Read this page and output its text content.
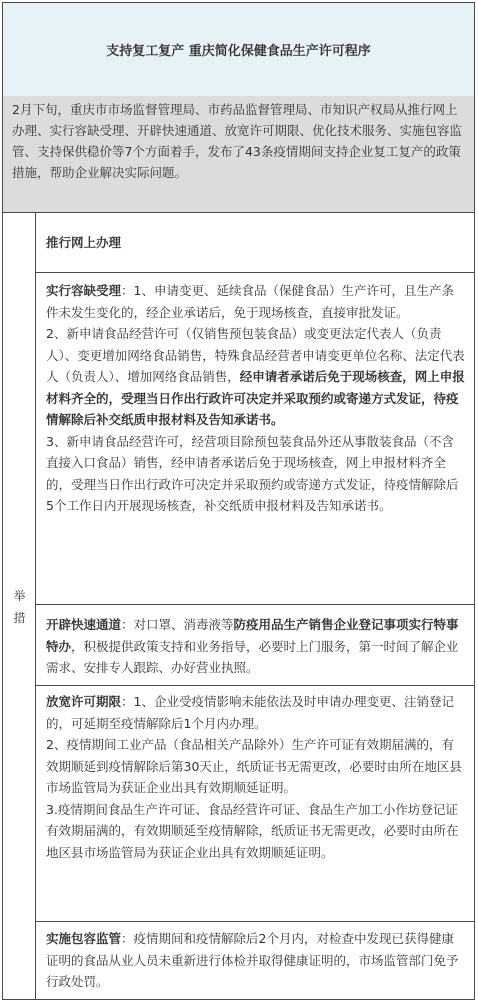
支持复工复产 重庆简化保健食品生产许可程序
2月下旬，重庆市市场监督管理局、市药品监督管理局、市知识产权局从推行网上办理、实行容缺受理、开辟快速通道、放宽许可期限、优化技术服务、实施包容监管、支持保供稳价等7个方面着手，发布了43条疫情期间支持企业复工复产的政策措施，帮助企业解决实际问题。
举
措
推行网上办理

实行容缺受理：1、申请变更、延续食品（保健食品）生产许可，且生产条件未发生变化的，经企业承诺后，免于现场核查，直接审批发证。

2、新申请食品经营许可（仅销售预包装食品）或变更法定代表人（负责人）、变更增加网络食品销售，特殊食品经营者申请变更单位名称、法定代表人（负责人）、增加网络食品销售，经申请者承诺后免于现场核查，网上申报材料齐全的，受理当日作出行政许可决定并采取预约或寄递方式发证，待疫情解除后补交纸质申报材料及告知承诺书。

3、新申请食品经营许可，经营项目除预包装食品外还从事散装食品（不含直接入口食品）销售，经申请者承诺后免于现场核查，网上申报材料齐全的，受理当日作出行政许可决定并采取预约或寄递方式发证，待疫情解除后5个工作日内开展现场核查，补交纸质申报材料及告知承诺书。

开辟快速通道：对口罩、消毒液等防疫用品生产销售企业登记事项实行特事特办，积极提供政策支持和业务指导，必要时上门服务，第一时间了解企业需求、安排专人跟踪、办好营业执照。

放宽许可期限：1、企业受疫情影响未能依法及时申请办理变更、注销登记的，可延期至疫情解除后1个月内办理。

2、疫情期间工业产品（食品相关产品除外）生产许可证有效期届满的，有效期顺延到疫情解除后第30天止，纸质证书无需更改，必要时由所在地区县市场监管局为获证企业出具有效期顺延证明。

3.疫情期间食品生产许可证、食品经营许可证、食品生产加工小作坊登记证有效期届满的，有效期顺延至疫情解除，纸质证书无需更改，必要时由所在地区县市场监管局为获证企业出具有效期顺延证明。

实施包容监管：疫情期间和疫情解除后2个月内，对检查中发现已获得健康证明的食品从业人员未重新进行体检并取得健康证明的，市场监管部门免予行政处罚。
